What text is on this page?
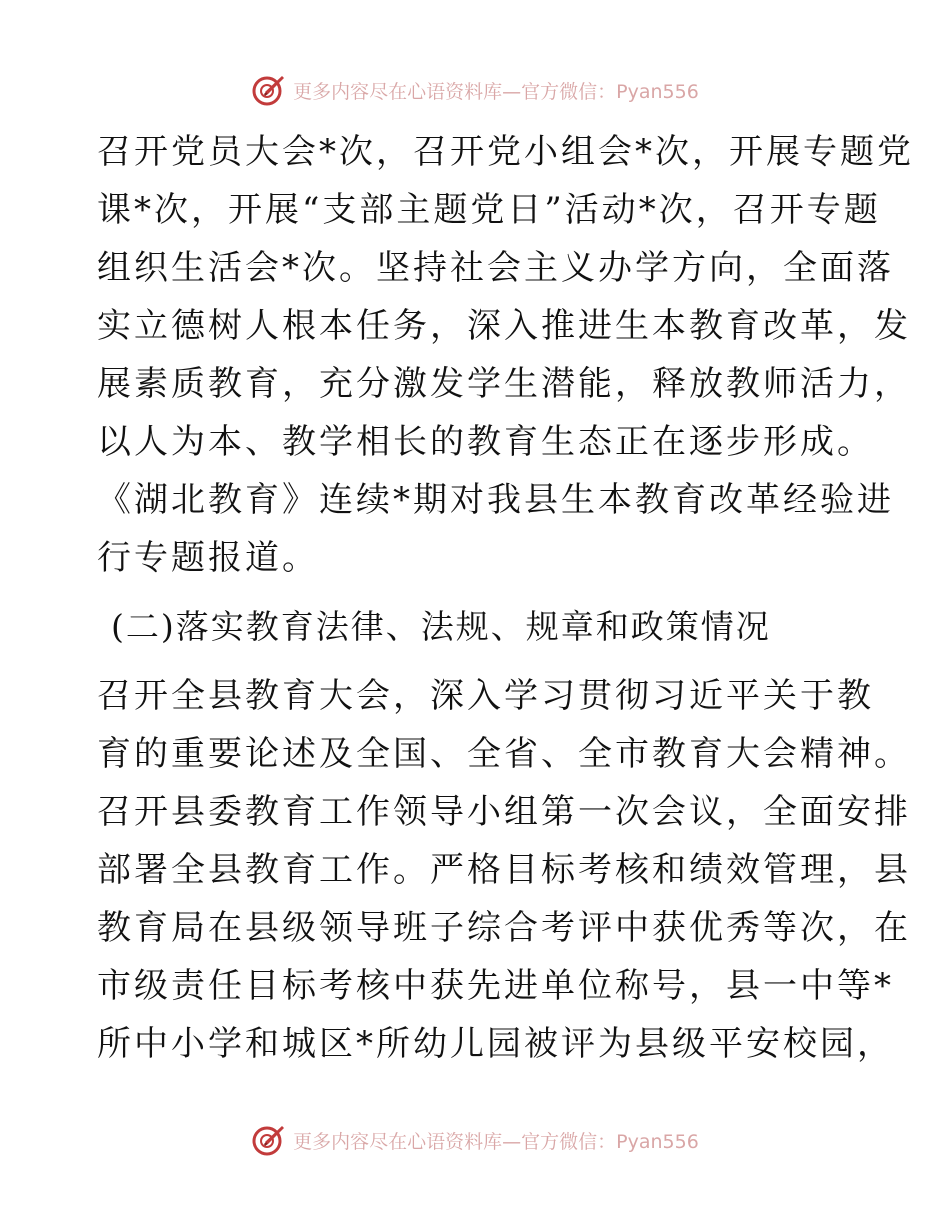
更多内容尽在心语资料库—官方微信：Pyan556
召开党员大会*次，召开党小组会*次，开展专题党
课*次，开展“支部主题党日”活动*次，召开专题
组织生活会*次。坚持社会主义办学方向，全面落
实立德树人根本任务，深入推进生本教育改革，发
展素质教育，充分激发学生潜能，释放教师活力，
以人为本、教学相长的教育生态正在逐步形成。
《湖北教育》连续*期对我县生本教育改革经验进
行专题报道。
(二)落实教育法律、法规、规章和政策情况
召开全县教育大会，深入学习贯彻习近平关于教
育的重要论述及全国、全省、全市教育大会精神。
召开县委教育工作领导小组第一次会议，全面安排
部署全县教育工作。严格目标考核和绩效管理，县
教育局在县级领导班子综合考评中获优秀等次，在
市级责任目标考核中获先进单位称号，县一中等*
所中小学和城区*所幼儿园被评为县级平安校园，
更多内容尽在心语资料库—官方微信：Pyan556
